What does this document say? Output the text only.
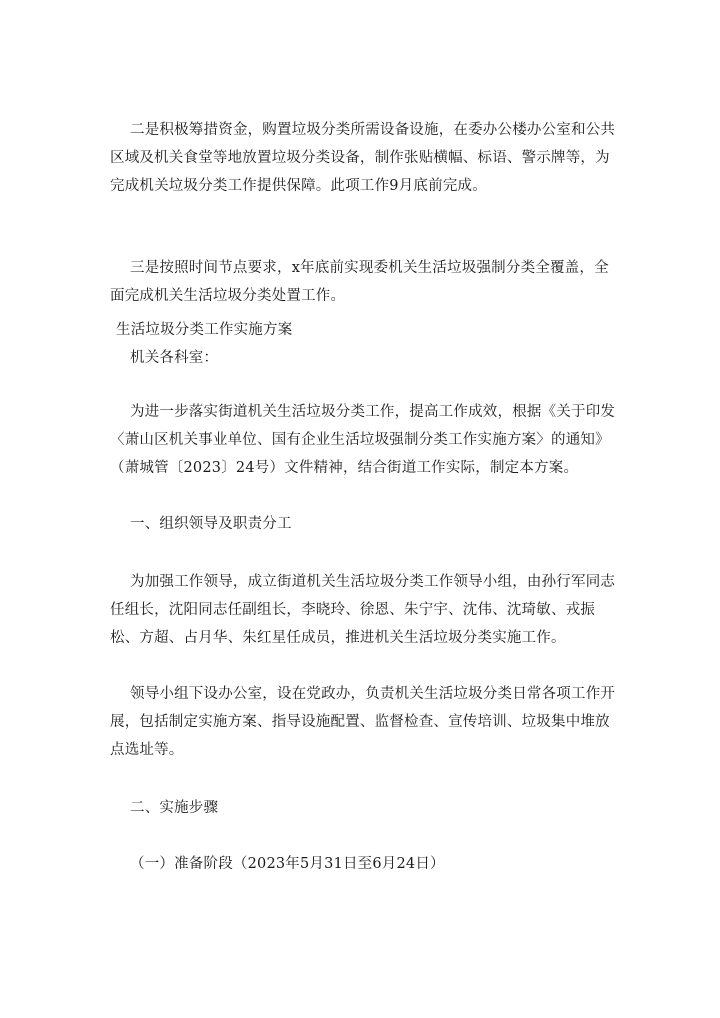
二是积极筹措资金，购置垃圾分类所需设备设施，在委办公楼办公室和公共
区域及机关食堂等地放置垃圾分类设备，制作张贴横幅、标语、警示牌等，为
完成机关垃圾分类工作提供保障。此项工作9月底前完成。

三是按照时间节点要求，x年底前实现委机关生活垃圾强制分类全覆盖，全
面完成机关生活垃圾分类处置工作。

生活垃圾分类工作实施方案

机关各科室：

为进一步落实街道机关生活垃圾分类工作，提高工作成效，根据《关于印发
〈萧山区机关事业单位、国有企业生活垃圾强制分类工作实施方案〉的通知》
（萧城管〔2023〕24号）文件精神，结合街道工作实际，制定本方案。

一、组织领导及职责分工

为加强工作领导，成立街道机关生活垃圾分类工作领导小组，由孙行军同志
任组长，沈阳同志任副组长，李晓玲、徐恩、朱宁宇、沈伟、沈琦敏、戎振
松、方超、占月华、朱红星任成员，推进机关生活垃圾分类实施工作。

领导小组下设办公室，设在党政办，负责机关生活垃圾分类日常各项工作开
展，包括制定实施方案、指导设施配置、监督检查、宣传培训、垃圾集中堆放
点选址等。

二、实施步骤

（一）准备阶段（2023年5月31日至6月24日）
